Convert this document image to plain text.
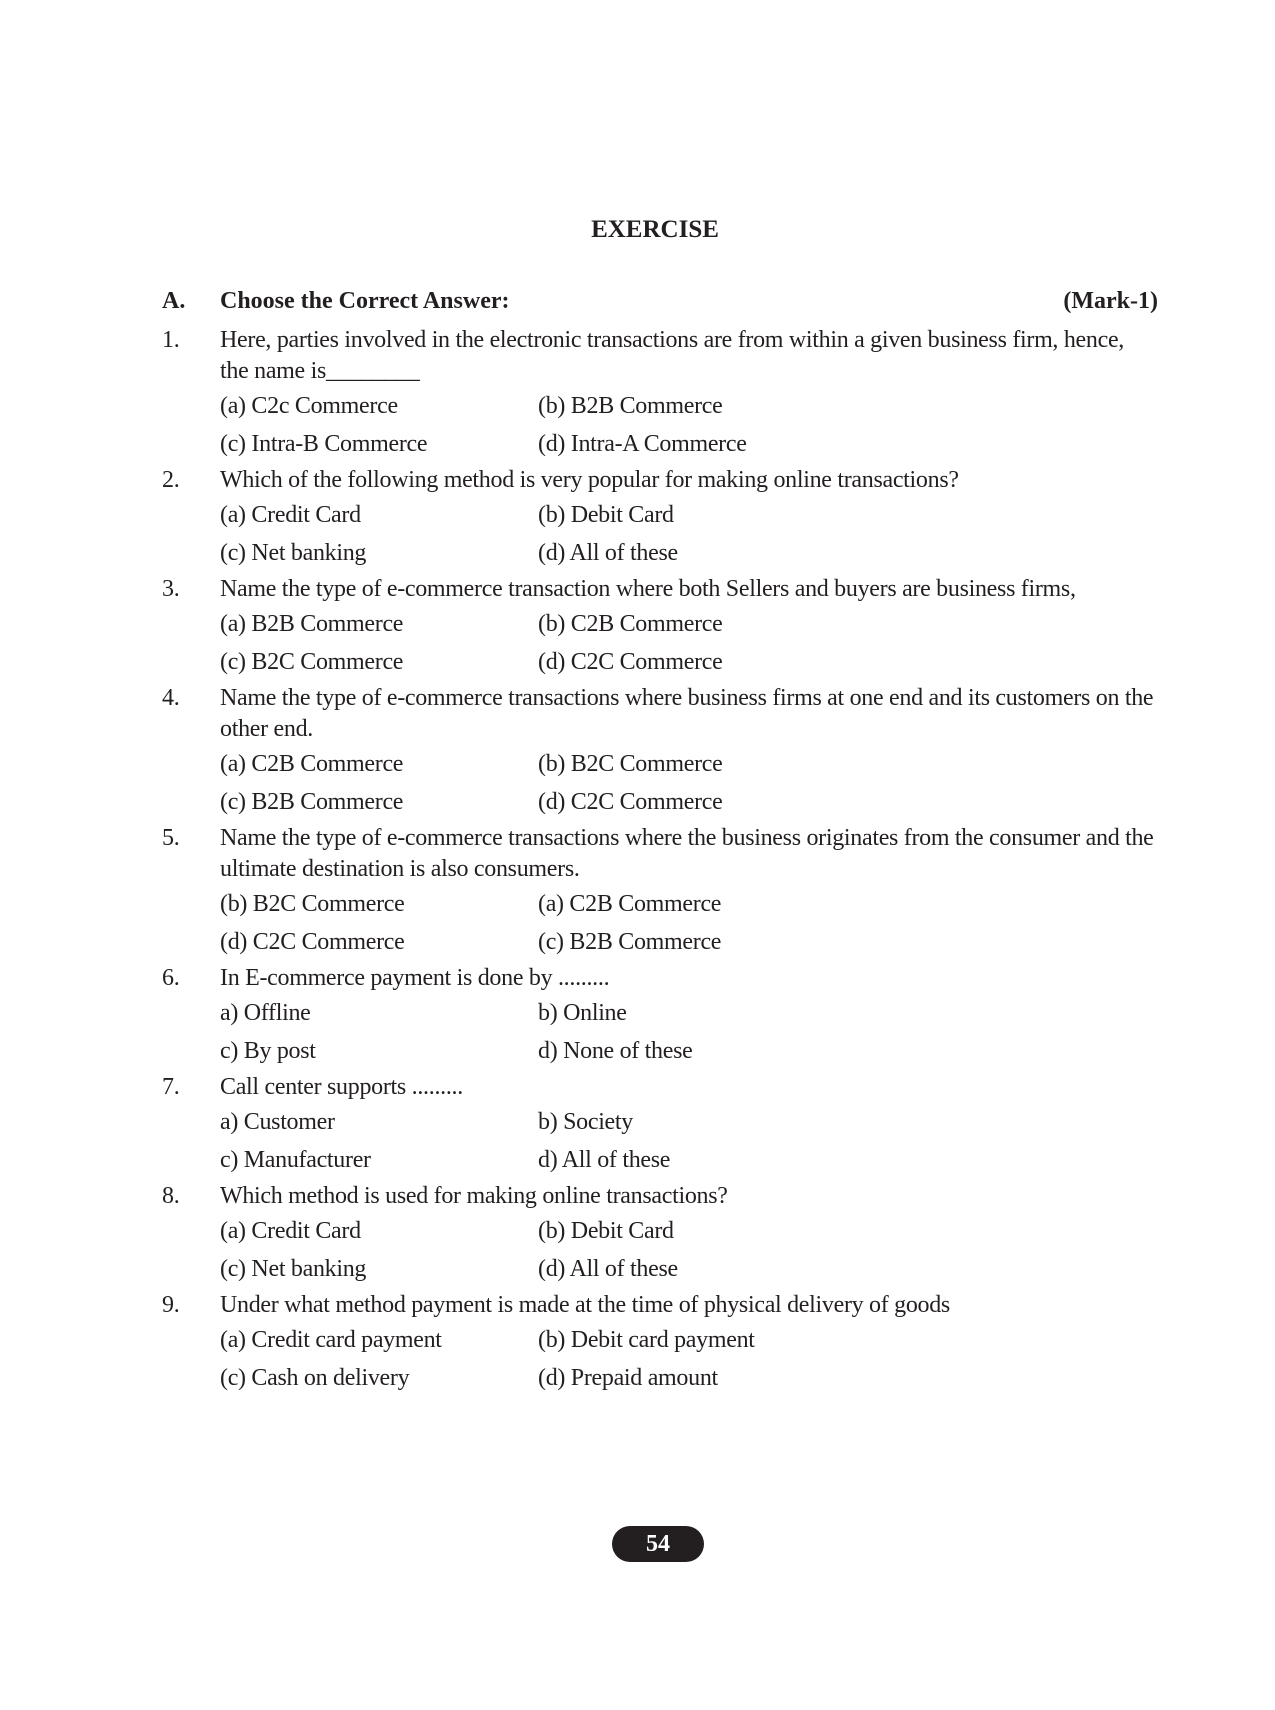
EXERCISE
A. Choose the Correct Answer:	(Mark-1)
1. Here, parties involved in the electronic transactions are from within a given business firm, hence, the name is________
(a) C2c Commerce	(b) B2B Commerce
(c) Intra-B Commerce	(d) Intra-A Commerce
2. Which of the following method is very popular for making online transactions?
(a) Credit Card	(b) Debit Card
(c) Net banking	(d) All of these
3. Name the type of e-commerce transaction where both Sellers and buyers are business firms,
(a) B2B Commerce	(b) C2B Commerce
(c) B2C Commerce	(d) C2C Commerce
4. Name the type of e-commerce transactions where business firms at one end and its customers on the other end.
(a) C2B Commerce	(b) B2C Commerce
(c) B2B Commerce	(d) C2C Commerce
5. Name the type of e-commerce transactions where the business originates from the consumer and the ultimate destination is also consumers.
(b) B2C Commerce	(a) C2B Commerce
(d) C2C Commerce	(c) B2B Commerce
6. In E-commerce payment is done by .........
a) Offline	b) Online
c) By post	d) None of these
7. Call center supports .........
a) Customer	b) Society
c) Manufacturer	d) All of these
8. Which method is used for making online transactions?
(a) Credit Card	(b) Debit Card
(c) Net banking	(d) All of these
9. Under what method payment is made at the time of physical delivery of goods
(a) Credit card payment	(b) Debit card payment
(c) Cash on delivery	(d) Prepaid amount
54
